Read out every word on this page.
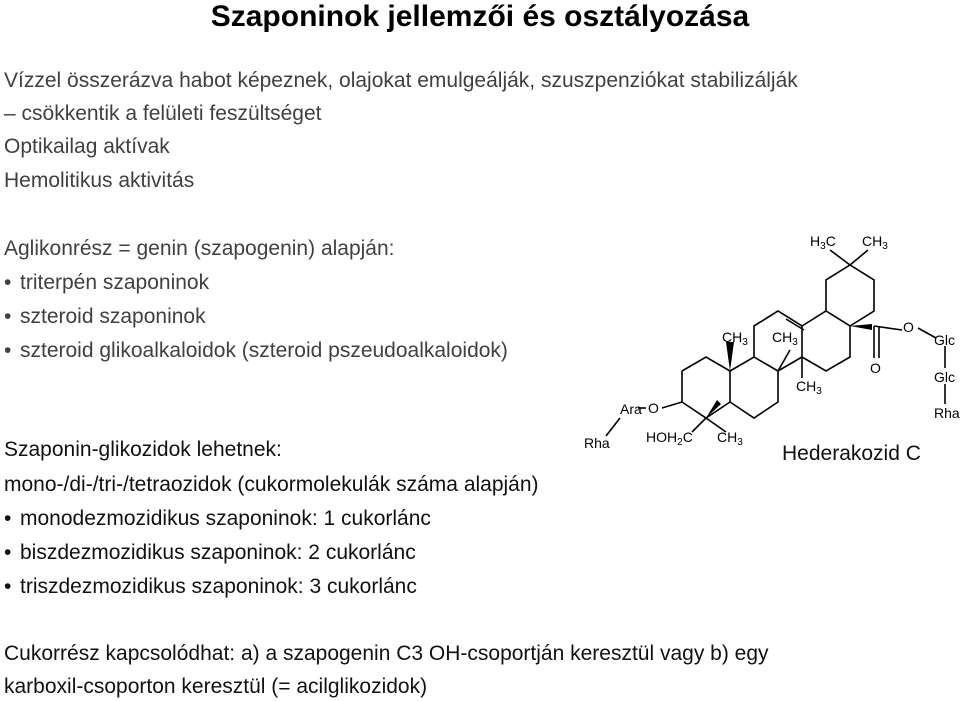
Szaponinok jellemzői és osztályozása
Vízzel összerázva habot képeznek, olajokat emulgeálják, szuszpenziókat stabilizálják
– csökkentik a felületi feszültséget
Optikailag aktívak
Hemolitikus aktivitás
Aglikonrész = genin (szapogenin) alapján:
• triterpén szaponinok
• szteroid szaponinok
• szteroid glikoalkaloidok (szteroid pszeudoalkaloidok)
Szaponin-glikozidok lehetnek:
mono-/di-/tri-/tetraozidok (cukormolekulák száma alapján)
• monodezmozidikus szaponinok: 1 cukorlánc
• biszdezmozidikus szaponinok: 2 cukorlánc
• triszdezmozidikus szaponinok: 3 cukorlánc
Cukorrész kapcsolódhat: a) a szapogenin C3 OH-csoportján keresztül vagy b) egy
karboxil-csoporton keresztül (= acilglikozidok)
Hederakozid C
$H_3C$ $CH_3$
$CH_3$ $CH_3$
$CH_3$
$CH_3$
$HOH_2C$
O
Ara
Rha
O
O
Glc
Glc
Rha
